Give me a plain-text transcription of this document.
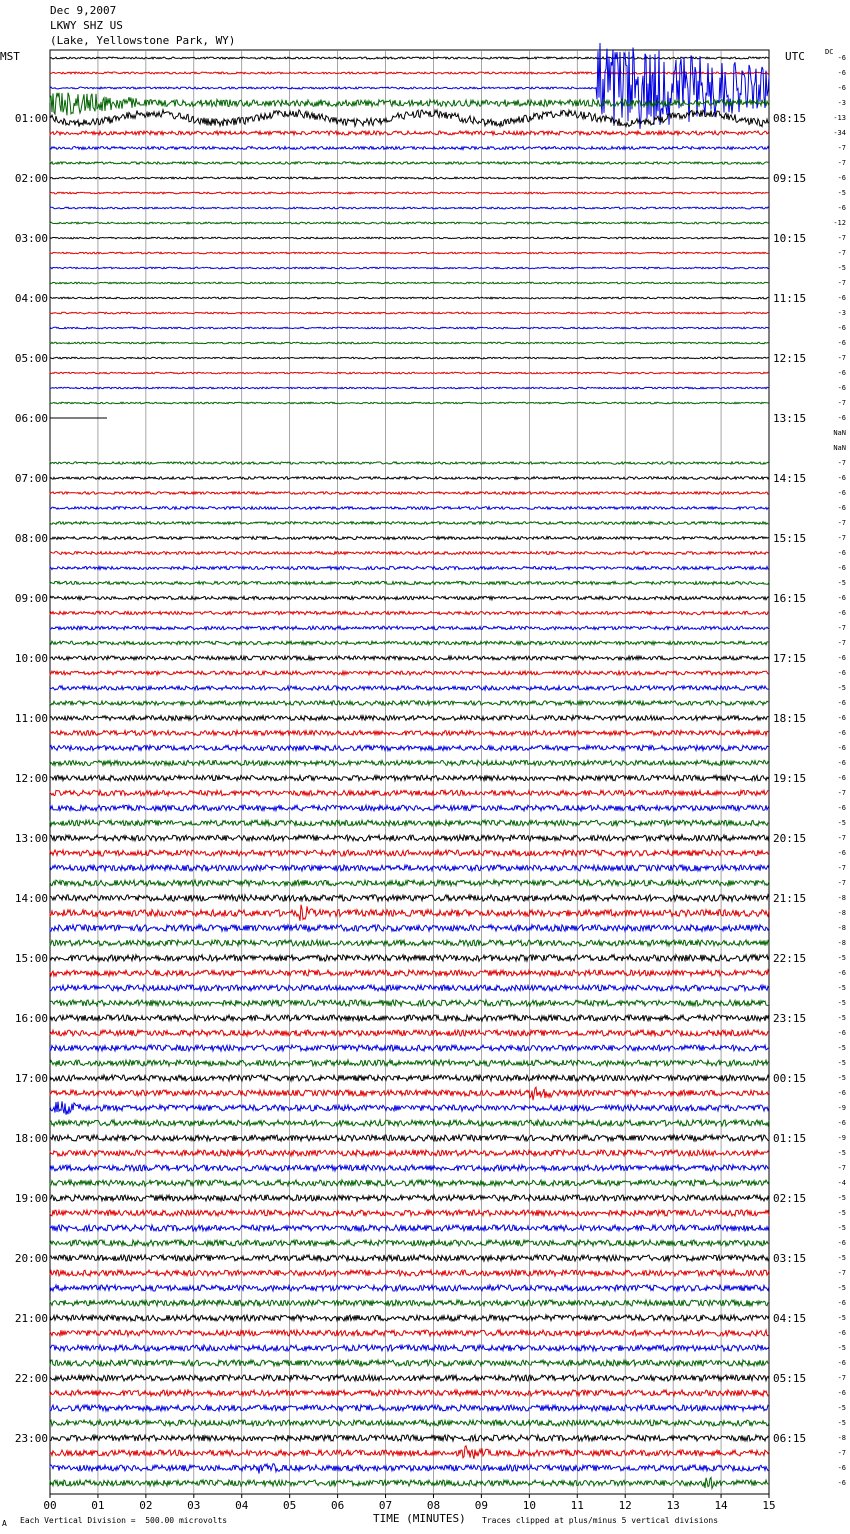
00	01	02	03	04	05	06	07	08	09	10	11	12	13	14	15
-6
-6
-6
-3
-13
-34
-7
-7
-6
-5
-6
-12
-7
-7
-5
-7
-6
-3
-6
-6
-7
-6
-6
-7
-6
NaN
NaN
-7
-6
-6
-6
-7
-7
-6
-6
-5
-6
-6
-7
-7
-6
-6
-5
-6
-6
-6
-6
-6
-6
-7
-6
-5
-7
-6
-7
-7
-8
-8
-8
-8
-5
-6
-5
-5
-5
-6
-5
-5
-5
-6
-9
-6
-9
-5
-7
-4
-5
-5
-5
-6
-5
-7
-5
-6
-5
-6
-5
-6
-7
-6
-5
-5
-8
-7
-6
-6
01:00
02:00
03:00
04:00
05:00
06:00
07:00
08:00
09:00
10:00
11:00
12:00
13:00
14:00
15:00
16:00
17:00
18:00
19:00
20:00
21:00
22:00
23:00
08:15
09:15
10:15
11:15
12:15
13:15
14:15
15:15
16:15
17:15
18:15
19:15
20:15
21:15
22:15
23:15
00:15
01:15
02:15
03:15
04:15
05:15
06:15
Dec 9,2007
LKWY SHZ US
(Lake, Yellowstone Park, WY)
MST	UTC	DC
A Each Vertical Division =  500.00 microvolts	TIME (MINUTES) Traces clipped at plus/minus 5 vertical divisions
